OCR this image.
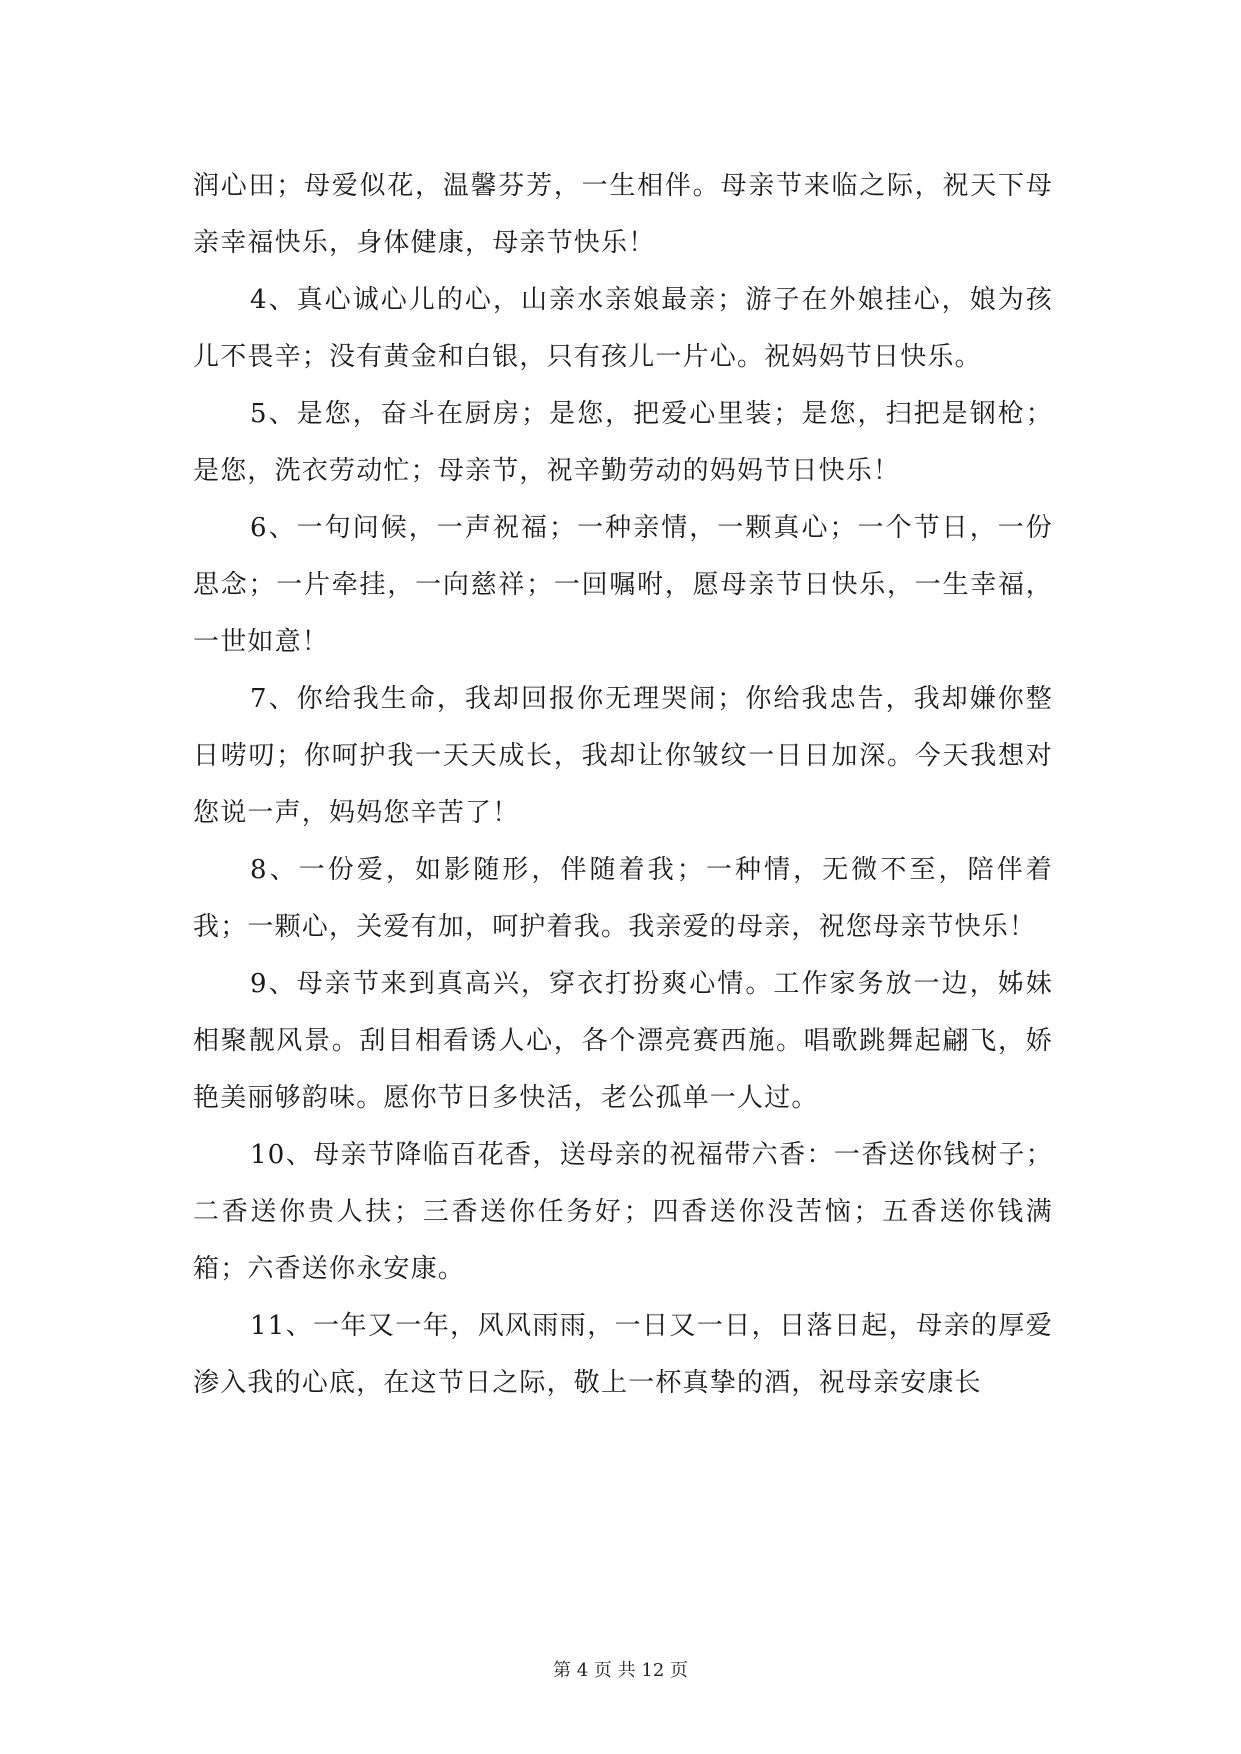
润心田；母爱似花，温馨芬芳，一生相伴。母亲节来临之际，祝天下母亲幸福快乐，身体健康，母亲节快乐！

4、真心诚心儿的心，山亲水亲娘最亲；游子在外娘挂心，娘为孩儿不畏辛；没有黄金和白银，只有孩儿一片心。祝妈妈节日快乐。

5、是您，奋斗在厨房；是您，把爱心里装；是您，扫把是钢枪；是您，洗衣劳动忙；母亲节，祝辛勤劳动的妈妈节日快乐！

6、一句问候，一声祝福；一种亲情，一颗真心；一个节日，一份思念；一片牵挂，一向慈祥；一回嘱咐，愿母亲节日快乐，一生幸福，一世如意！

7、你给我生命，我却回报你无理哭闹；你给我忠告，我却嫌你整日唠叨；你呵护我一天天成长，我却让你皱纹一日日加深。今天我想对您说一声，妈妈您辛苦了！

8、一份爱，如影随形，伴随着我；一种情，无微不至，陪伴着我；一颗心，关爱有加，呵护着我。我亲爱的母亲，祝您母亲节快乐！

9、母亲节来到真高兴，穿衣打扮爽心情。工作家务放一边，姊妹相聚靓风景。刮目相看诱人心，各个漂亮赛西施。唱歌跳舞起翩飞，娇艳美丽够韵味。愿你节日多快活，老公孤单一人过。

10、母亲节降临百花香，送母亲的祝福带六香：一香送你钱树子；二香送你贵人扶；三香送你任务好；四香送你没苦恼；五香送你钱满箱；六香送你永安康。

11、一年又一年，风风雨雨，一日又一日，日落日起，母亲的厚爱渗入我的心底，在这节日之际，敬上一杯真挚的酒，祝母亲安康长

第 4 页 共 12 页
